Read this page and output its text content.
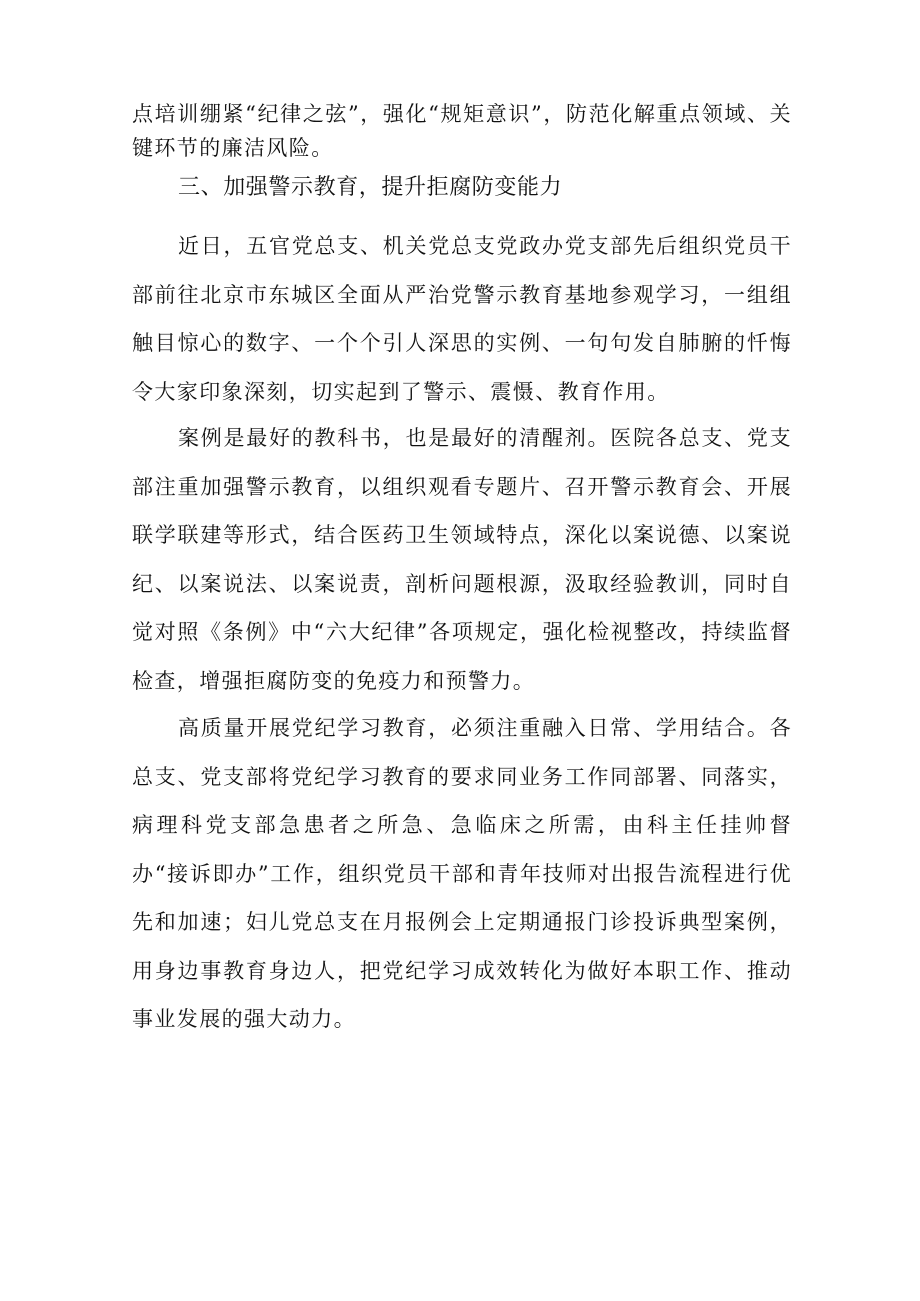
点培训绷紧“纪律之弦”，强化“规矩意识”，防范化解重点领域、关键环节的廉洁风险。

三、加强警示教育，提升拒腐防变能力

近日，五官党总支、机关党总支党政办党支部先后组织党员干部前往北京市东城区全面从严治党警示教育基地参观学习，一组组触目惊心的数字、一个个引人深思的实例、一句句发自肺腑的忏悔令大家印象深刻，切实起到了警示、震慑、教育作用。

案例是最好的教科书，也是最好的清醒剂。医院各总支、党支部注重加强警示教育，以组织观看专题片、召开警示教育会、开展联学联建等形式，结合医药卫生领域特点，深化以案说德、以案说纪、以案说法、以案说责，剖析问题根源，汲取经验教训，同时自觉对照《条例》中“六大纪律”各项规定，强化检视整改，持续监督检查，增强拒腐防变的免疫力和预警力。

高质量开展党纪学习教育，必须注重融入日常、学用结合。各总支、党支部将党纪学习教育的要求同业务工作同部署、同落实，病理科党支部急患者之所急、急临床之所需，由科主任挂帅督办“接诉即办”工作，组织党员干部和青年技师对出报告流程进行优先和加速；妇儿党总支在月报例会上定期通报门诊投诉典型案例，用身边事教育身边人，把党纪学习成效转化为做好本职工作、推动事业发展的强大动力。
